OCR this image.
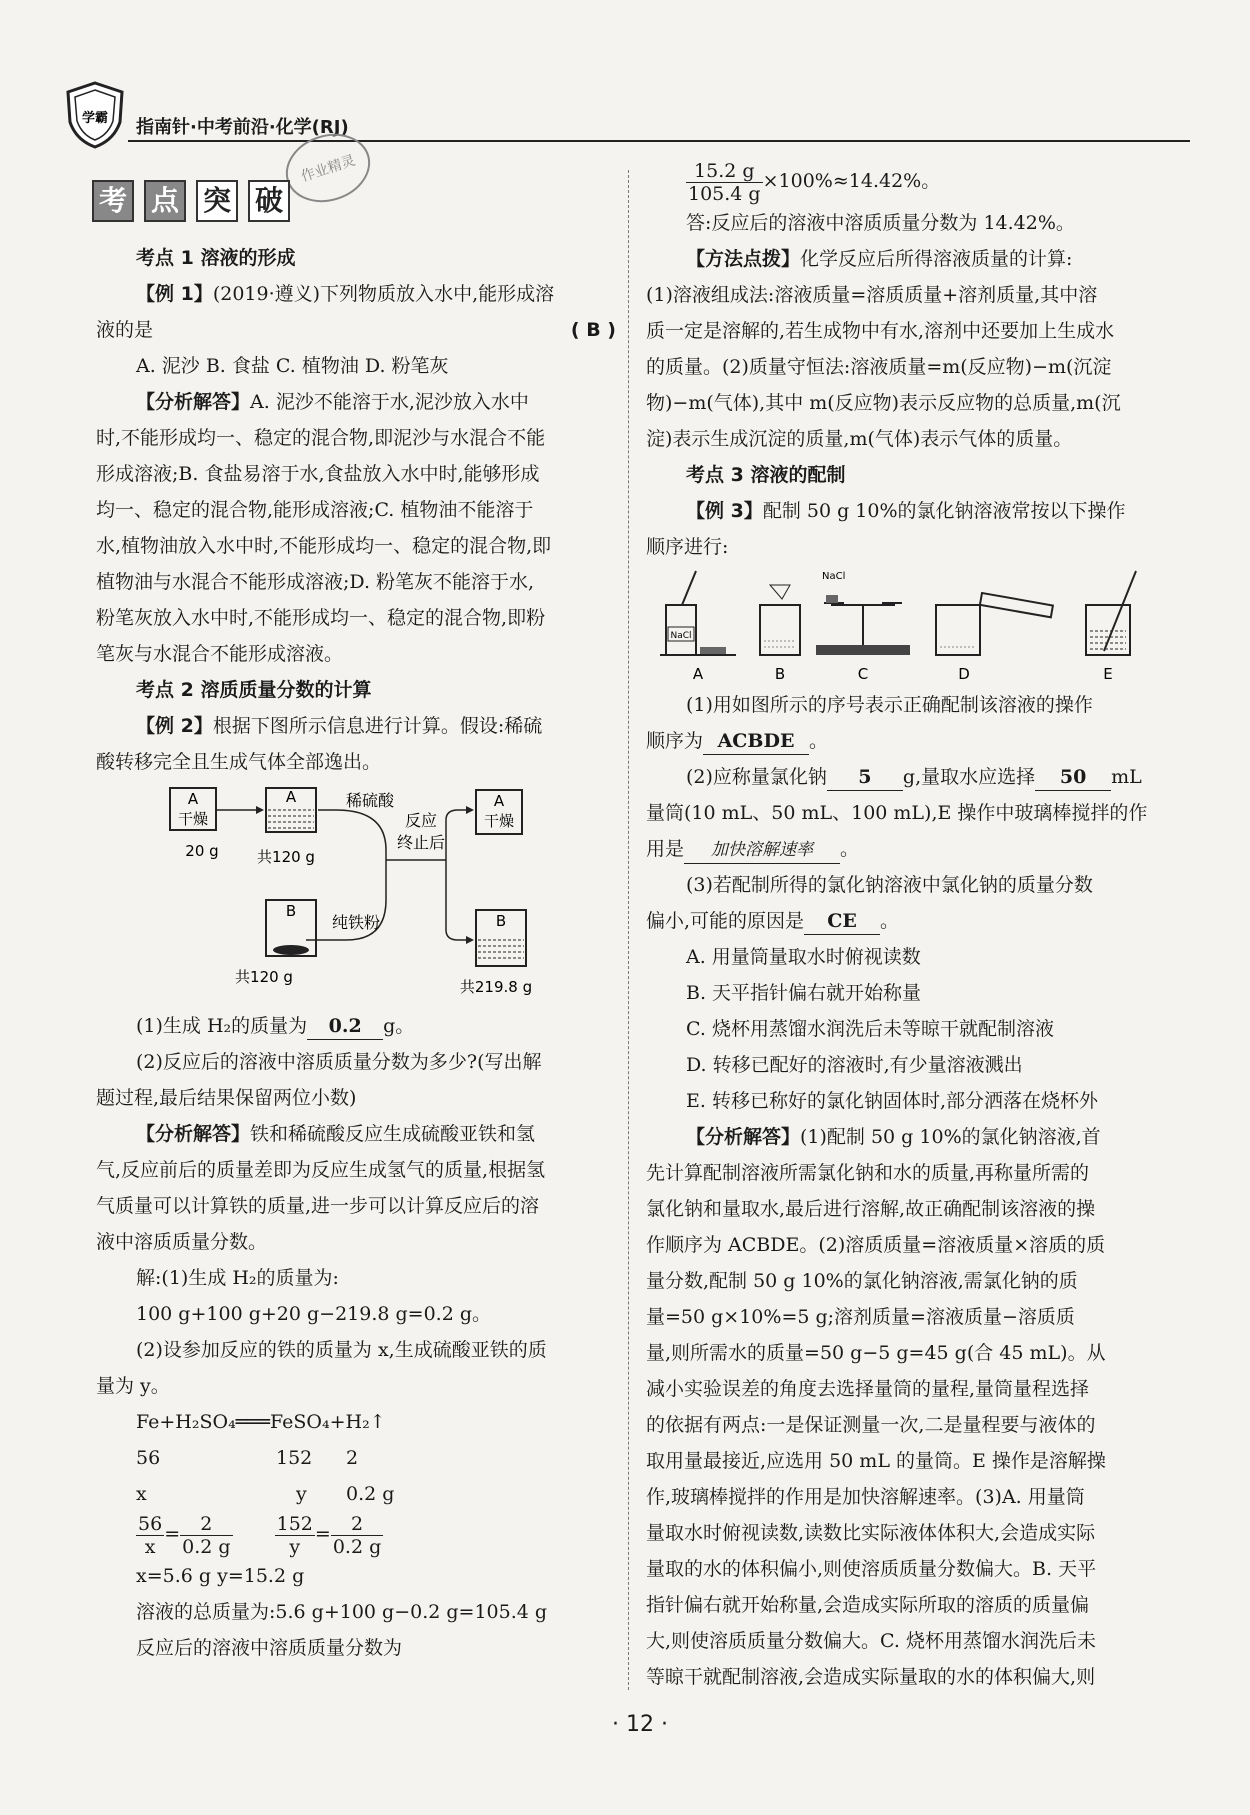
学霸 指南针·中考前沿·化学(RJ)
作业精灵
考 点 突 破

考点 1 溶液的形成

【例 1】(2019·遵义)下列物质放入水中,能形成溶

液的是	( B )

A. 泥沙 B. 食盐 C. 植物油 D. 粉笔灰

【分析解答】A. 泥沙不能溶于水,泥沙放入水中

时,不能形成均一、稳定的混合物,即泥沙与水混合不能

形成溶液;B. 食盐易溶于水,食盐放入水中时,能够形成

均一、稳定的混合物,能形成溶液;C. 植物油不能溶于

水,植物油放入水中时,不能形成均一、稳定的混合物,即

植物油与水混合不能形成溶液;D. 粉笔灰不能溶于水,

粉笔灰放入水中时,不能形成均一、稳定的混合物,即粉

笔灰与水混合不能形成溶液。

考点 2 溶质质量分数的计算

【例 2】根据下图所示信息进行计算。假设:稀硫

酸转移完全且生成气体全部逸出。

A
干燥
20 g
A
共120 g
稀硫酸
反应
终止后
B
纯铁粉
共120 g
A
干燥
B
共219.8 g

(1)生成 H₂的质量为 0.2 g。

(2)反应后的溶液中溶质质量分数为多少?(写出解

题过程,最后结果保留两位小数)

【分析解答】铁和稀硫酸反应生成硫酸亚铁和氢

气,反应前后的质量差即为反应生成氢气的质量,根据氢

气质量可以计算铁的质量,进一步可以计算反应后的溶

液中溶质质量分数。

解:(1)生成 H₂的质量为:

100 g+100 g+20 g−219.8 g=0.2 g。

(2)设参加反应的铁的质量为 x,生成硫酸亚铁的质

量为 y。

Fe+H₂SO₄═══FeSO₄+H₂↑

56	152 2

x	y 0.2 g

$\frac{56}{x} = \frac{2}{0.2 g}$
$\frac{152}{y} = \frac{2}{0.2 g}$

x=5.6 g y=15.2 g

溶液的总质量为:5.6 g+100 g−0.2 g=105.4 g

反应后的溶液中溶质质量分数为

$\frac{15.2 g}{105.4 g} \times 100\%\approx 14.42\%$。

答:反应后的溶液中溶质质量分数为 14.42%。

【方法点拨】化学反应后所得溶液质量的计算:

(1)溶液组成法:溶液质量=溶质质量+溶剂质量,其中溶

质一定是溶解的,若生成物中有水,溶剂中还要加上生成水

的质量。(2)质量守恒法:溶液质量=m(反应物)−m(沉淀

物)−m(气体),其中 m(反应物)表示反应物的总质量,m(沉

淀)表示生成沉淀的质量,m(气体)表示气体的质量。

考点 3 溶液的配制

【例 3】配制 50 g 10%的氯化钠溶液常按以下操作

顺序进行:

NaCl
A	B
NaCl
C	D	E

(1)用如图所示的序号表示正确配制该溶液的操作

顺序为 ACBDE 。

(2)应称量氯化钠 5 g,量取水应选择 50 mL

量筒(10 mL、50 mL、100 mL),E 操作中玻璃棒搅拌的作

用是 加快溶解速率 。

(3)若配制所得的氯化钠溶液中氯化钠的质量分数

偏小,可能的原因是 CE 。

A. 用量筒量取水时俯视读数

B. 天平指针偏右就开始称量

C. 烧杯用蒸馏水润洗后未等晾干就配制溶液

D. 转移已配好的溶液时,有少量溶液溅出

E. 转移已称好的氯化钠固体时,部分洒落在烧杯外

【分析解答】(1)配制 50 g 10%的氯化钠溶液,首

先计算配制溶液所需氯化钠和水的质量,再称量所需的

氯化钠和量取水,最后进行溶解,故正确配制该溶液的操

作顺序为 ACBDE。(2)溶质质量=溶液质量×溶质的质

量分数,配制 50 g 10%的氯化钠溶液,需氯化钠的质

量=50 g×10%=5 g;溶剂质量=溶液质量−溶质质

量,则所需水的质量=50 g−5 g=45 g(合 45 mL)。从

减小实验误差的角度去选择量筒的量程,量筒量程选择

的依据有两点:一是保证测量一次,二是量程要与液体的

取用量最接近,应选用 50 mL 的量筒。E 操作是溶解操

作,玻璃棒搅拌的作用是加快溶解速率。(3)A. 用量筒

量取水时俯视读数,读数比实际液体体积大,会造成实际

量取的水的体积偏小,则使溶质质量分数偏大。B. 天平

指针偏右就开始称量,会造成实际所取的溶质的质量偏

大,则使溶质质量分数偏大。C. 烧杯用蒸馏水润洗后未

等晾干就配制溶液,会造成实际量取的水的体积偏大,则

· 12 ·
